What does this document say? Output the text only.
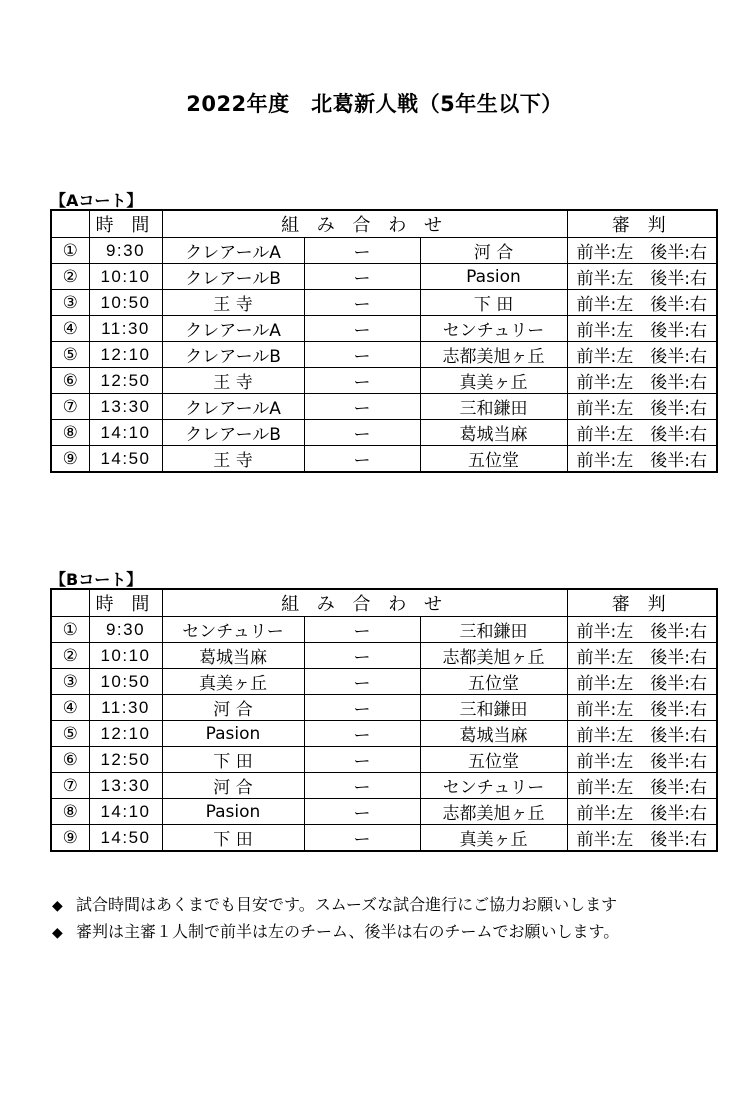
2022年度　北葛新人戦（5年生以下）
【Aコート】
	時 間	組 み 合 わ せ			審 判
①	9:30	クレアールA	ー	河 合	前半:左　後半:右
②	10:10	クレアールB	ー	Pasion	前半:左　後半:右
③	10:50	王 寺	ー	下 田	前半:左　後半:右
④	11:30	クレアールA	ー	センチュリー	前半:左　後半:右
⑤	12:10	クレアールB	ー	志都美旭ヶ丘	前半:左　後半:右
⑥	12:50	王 寺	ー	真美ヶ丘	前半:左　後半:右
⑦	13:30	クレアールA	ー	三和鎌田	前半:左　後半:右
⑧	14:10	クレアールB	ー	葛城当麻	前半:左　後半:右
⑨	14:50	王 寺	ー	五位堂	前半:左　後半:右
【Bコート】
	時 間	組 み 合 わ せ			審 判
①	9:30	センチュリー	ー	三和鎌田	前半:左　後半:右
②	10:10	葛城当麻	ー	志都美旭ヶ丘	前半:左　後半:右
③	10:50	真美ヶ丘	ー	五位堂	前半:左　後半:右
④	11:30	河 合	ー	三和鎌田	前半:左　後半:右
⑤	12:10	Pasion	ー	葛城当麻	前半:左　後半:右
⑥	12:50	下 田	ー	五位堂	前半:左　後半:右
⑦	13:30	河 合	ー	センチュリー	前半:左　後半:右
⑧	14:10	Pasion	ー	志都美旭ヶ丘	前半:左　後半:右
⑨	14:50	下 田	ー	真美ヶ丘	前半:左　後半:右
◆ 試合時間はあくまでも目安です。スムーズな試合進行にご協力お願いします
◆ 審判は主審１人制で前半は左のチーム、後半は右のチームでお願いします。
